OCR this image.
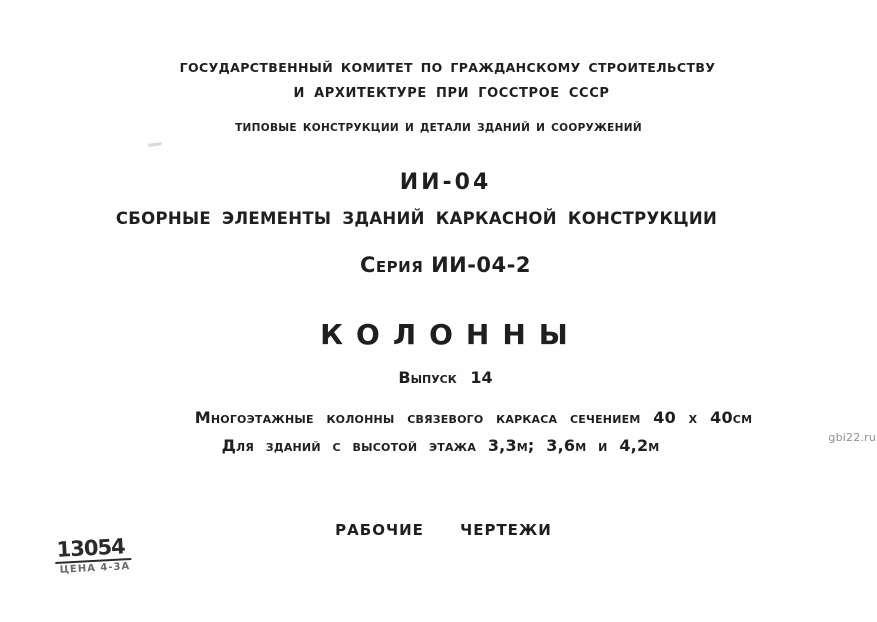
ГОСУДАРСТВЕННЫЙ КОМИТЕТ ПО ГРАЖДАНСКОМУ СТРОИТЕЛЬСТВУ
И АРХИТЕКТУРЕ ПРИ ГОССТРОЕ СССР
ТИПОВЫЕ КОНСТРУКЦИИ И ДЕТАЛИ ЗДАНИЙ И СООРУЖЕНИЙ
ИИ-04
СБОРНЫЕ ЭЛЕМЕНТЫ ЗДАНИЙ КАРКАСНОЙ КОНСТРУКЦИИ
Серия ИИ-04-2
КОЛОННЫ
Выпуск 14
Многоэтажные колонны связевого каркаса сечением 40 x 40см
Для зданий с высотой этажа 3,3м; 3,6м и 4,2м
РАБОЧИЕ ЧЕРТЕЖИ
13054
ЦЕНА 4-3А
gbi22.ru
